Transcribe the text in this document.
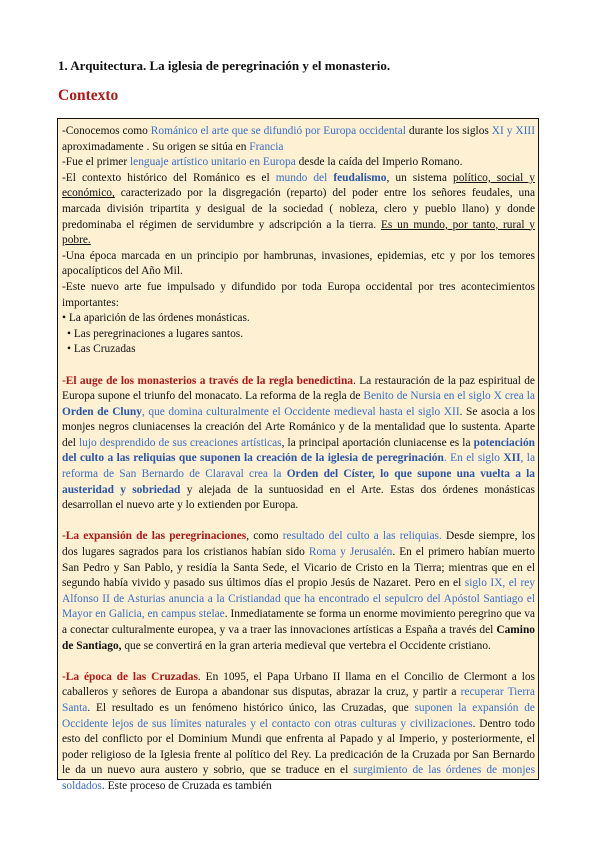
1. Arquitectura. La iglesia de peregrinación y el monasterio.
Contexto

-Conocemos como Románico el arte que se difundió por Europa occidental durante los siglos XI y XIII aproximadamente . Su origen se sitúa en Francia

-Fue el primer lenguaje artístico unitario en Europa desde la caída del Imperio Romano.

-El contexto histórico del Románico es el mundo del feudalismo, un sistema político, social y económico, caracterizado por la disgregación (reparto) del poder entre los señores feudales, una marcada división tripartita y desigual de la sociedad ( nobleza, clero y pueblo llano) y donde predominaba el régimen de servidumbre y adscripción a la tierra. Es un mundo, por tanto, rural y pobre.

-Una época marcada en un principio por hambrunas, invasiones, epidemias, etc y por los temores apocalípticos del Año Mil.

-Este nuevo arte fue impulsado y difundido por toda Europa occidental por tres acontecimientos importantes:

• La aparición de las órdenes monásticas.

• Las peregrinaciones a lugares santos.

• Las Cruzadas

-El auge de los monasterios a través de la regla benedictina. La restauración de la paz espiritual de Europa supone el triunfo del monacato. La reforma de la regla de Benito de Nursia en el siglo X crea la Orden de Cluny, que domina culturalmente el Occidente medieval hasta el siglo XII. Se asocia a los monjes negros cluniacenses la creación del Arte Románico y de la mentalidad que lo sustenta. Aparte del lujo desprendido de sus creaciones artísticas, la principal aportación cluniacense es la potenciación del culto a las reliquias que suponen la creación de la iglesia de peregrinación. En el siglo XII, la reforma de San Bernardo de Claraval crea la Orden del Císter, lo que supone una vuelta a la austeridad y sobriedad y alejada de la suntuosidad en el Arte. Estas dos órdenes monásticas desarrollan el nuevo arte y lo extienden por Europa.

-La expansión de las peregrinaciones, como resultado del culto a las reliquias. Desde siempre, los dos lugares sagrados para los cristianos habían sido Roma y Jerusalén. En el primero habían muerto San Pedro y San Pablo, y residía la Santa Sede, el Vicario de Cristo en la Tierra; mientras que en el segundo había vivido y pasado sus últimos días el propio Jesús de Nazaret. Pero en el siglo IX, el rey Alfonso II de Asturias anuncia a la Cristiandad que ha encontrado el sepulcro del Apóstol Santiago el Mayor en Galicia, en campus stelae. Inmediatamente se forma un enorme movimiento peregrino que va a conectar culturalmente europea, y va a traer las innovaciones artísticas a España a través del Camino de Santiago, que se convertirá en la gran arteria medieval que vertebra el Occidente cristiano.

-La época de las Cruzadas. En 1095, el Papa Urbano II llama en el Concilio de Clermont a los caballeros y señores de Europa a abandonar sus disputas, abrazar la cruz, y partir a recuperar Tierra Santa. El resultado es un fenómeno histórico único, las Cruzadas, que suponen la expansión de Occidente lejos de sus límites naturales y el contacto con otras culturas y civilizaciones. Dentro todo esto del conflicto por el Dominium Mundi que enfrenta al Papado y al Imperio, y posteriormente, el poder religioso de la Iglesia frente al político del Rey. La predicación de la Cruzada por San Bernardo le da un nuevo aura austero y sobrio, que se traduce en el surgimiento de las órdenes de monjes soldados. Este proceso de Cruzada es también
